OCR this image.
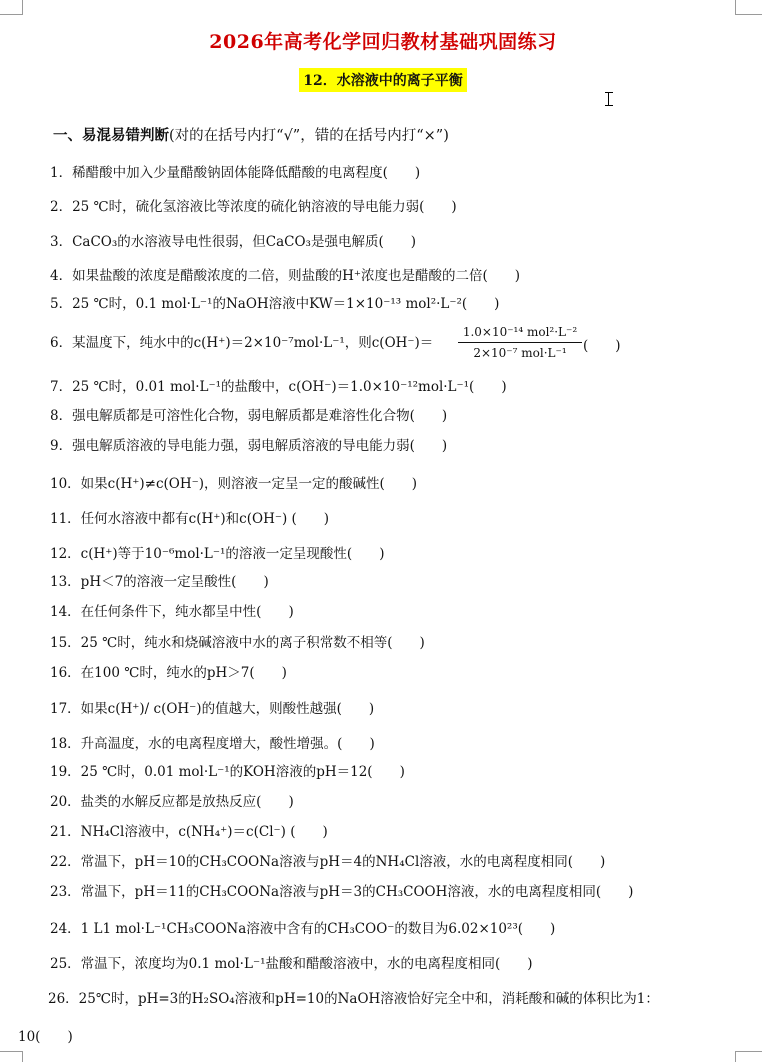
2026年高考化学回归教材基础巩固练习
12．水溶液中的离子平衡
一、易混易错判断(对的在括号内打“√”，错的在括号内打“×”)
1．稀醋酸中加入少量醋酸钠固体能降低醋酸的电离程度(　　)
2．25 ℃时，硫化氢溶液比等浓度的硫化钠溶液的导电能力弱(　　)
3．CaCO₃的水溶液导电性很弱，但CaCO₃是强电解质(　　)
4．如果盐酸的浓度是醋酸浓度的二倍，则盐酸的H⁺浓度也是醋酸的二倍(　　)
5．25 ℃时，0.1 mol·L⁻¹的NaOH溶液中KW＝1×10⁻¹³ mol²·L⁻²(　　)
6．某温度下，纯水中的c(H⁺)＝2×10⁻⁷mol·L⁻¹，则c(OH⁻)＝
1.0×10⁻¹⁴ mol²·L⁻²
2×10⁻⁷ mol·L⁻¹	(　　)
7．25 ℃时，0.01 mol·L⁻¹的盐酸中，c(OH⁻)＝1.0×10⁻¹²mol·L⁻¹(　　)
8．强电解质都是可溶性化合物，弱电解质都是难溶性化合物(　　)
9．强电解质溶液的导电能力强，弱电解质溶液的导电能力弱(　　)
10．如果c(H⁺)≠c(OH⁻)，则溶液一定呈一定的酸碱性(　　)
11．任何水溶液中都有c(H⁺)和c(OH⁻) (　　)
12．c(H⁺)等于10⁻⁶mol·L⁻¹的溶液一定呈现酸性(　　)
13．pH＜7的溶液一定呈酸性(　　)
14．在任何条件下，纯水都呈中性(　　)
15．25 ℃时，纯水和烧碱溶液中水的离子积常数不相等(　　)
16．在100 ℃时，纯水的pH＞7(　　)
17．如果c(H⁺)/ c(OH⁻)的值越大，则酸性越强(　　)
18．升高温度，水的电离程度增大，酸性增强。(　　)
19．25 ℃时，0.01 mol·L⁻¹的KOH溶液的pH＝12(　　)
20．盐类的水解反应都是放热反应(　　)
21．NH₄Cl溶液中，c(NH₄⁺)＝c(Cl⁻) (　　)
22．常温下，pH＝10的CH₃COONa溶液与pH＝4的NH₄Cl溶液，水的电离程度相同(　　)
23．常温下，pH＝11的CH₃COONa溶液与pH＝3的CH₃COOH溶液，水的电离程度相同(　　)
24．1 L1 mol·L⁻¹CH₃COONa溶液中含有的CH₃COO⁻的数目为6.02×10²³(　　)
25．常温下，浓度均为0.1 mol·L⁻¹盐酸和醋酸溶液中，水的电离程度相同(　　)
26．25℃时，pH=3的H₂SO₄溶液和pH=10的NaOH溶液恰好完全中和，消耗酸和碱的体积比为1：
10(　　)
